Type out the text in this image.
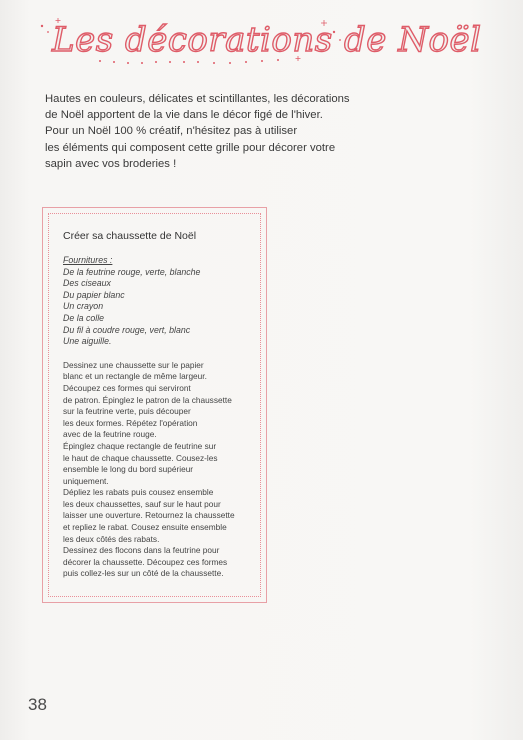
Les décorations de Noël
Hautes en couleurs, délicates et scintillantes, les décorations
de Noël apportent de la vie dans le décor figé de l'hiver.
Pour un Noël 100 % créatif, n'hésitez pas à utiliser
les éléments qui composent cette grille pour décorer votre
sapin avec vos broderies !
Créer sa chaussette de Noël
Fournitures :
De la feutrine rouge, verte, blanche
Des ciseaux
Du papier blanc
Un crayon
De la colle
Du fil à coudre rouge, vert, blanc
Une aiguille.
Dessinez une chaussette sur le papier
blanc et un rectangle de même largeur.
Découpez ces formes qui serviront
de patron. Épinglez le patron de la chaussette
sur la feutrine verte, puis découper
les deux formes. Répétez l'opération
avec de la feutrine rouge.
Épinglez chaque rectangle de feutrine sur
le haut de chaque chaussette. Cousez-les
ensemble le long du bord supérieur
uniquement.
Dépliez les rabats puis cousez ensemble
les deux chaussettes, sauf sur le haut pour
laisser une ouverture. Retournez la chaussette
et repliez le rabat. Cousez ensuite ensemble
les deux côtés des rabats.
Dessinez des flocons dans la feutrine pour
décorer la chaussette. Découpez ces formes
puis collez-les sur un côté de la chaussette.
38
